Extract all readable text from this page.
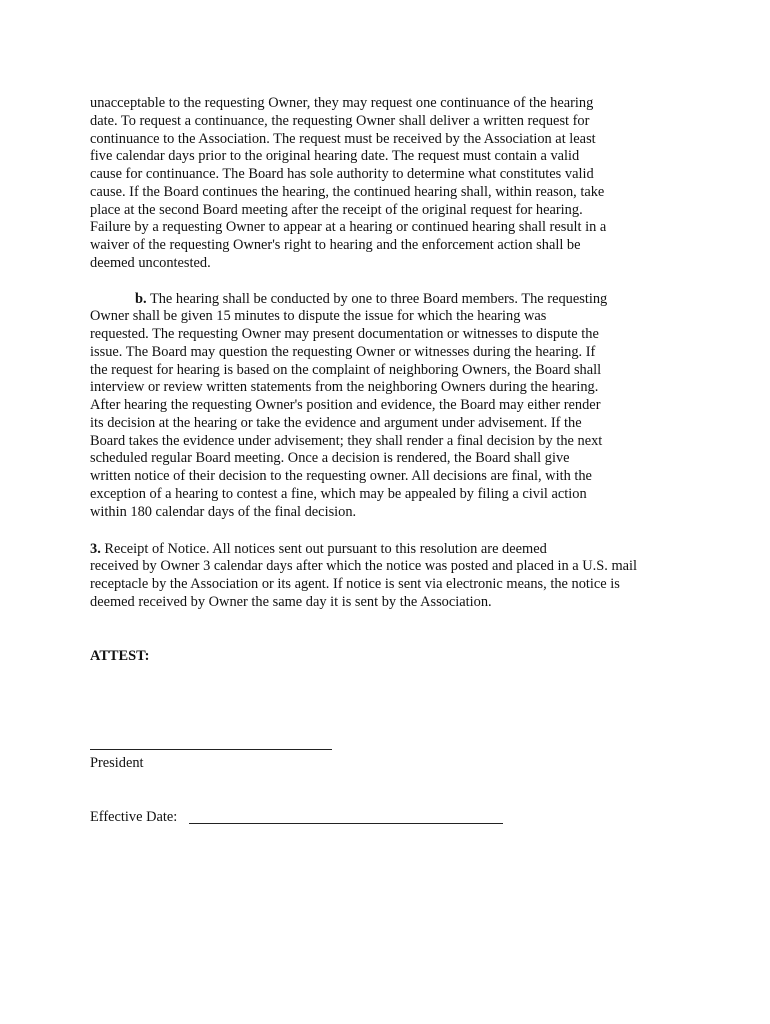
unacceptable to the requesting Owner, they may request one continuance of the hearing
date. To request a continuance, the requesting Owner shall deliver a written request for
continuance to the Association. The request must be received by the Association at least
five calendar days prior to the original hearing date. The request must contain a valid
cause for continuance. The Board has sole authority to determine what constitutes valid
cause. If the Board continues the hearing, the continued hearing shall, within reason, take
place at the second Board meeting after the receipt of the original request for hearing.
Failure by a requesting Owner to appear at a hearing or continued hearing shall result in a
waiver of the requesting Owner's right to hearing and the enforcement action shall be
deemed uncontested.
b. The hearing shall be conducted by one to three Board members. The requesting
Owner shall be given 15 minutes to dispute the issue for which the hearing was
requested. The requesting Owner may present documentation or witnesses to dispute the
issue. The Board may question the requesting Owner or witnesses during the hearing. If
the request for hearing is based on the complaint of neighboring Owners, the Board shall
interview or review written statements from the neighboring Owners during the hearing.
After hearing the requesting Owner's position and evidence, the Board may either render
its decision at the hearing or take the evidence and argument under advisement. If the
Board takes the evidence under advisement; they shall render a final decision by the next
scheduled regular Board meeting. Once a decision is rendered, the Board shall give
written notice of their decision to the requesting owner. All decisions are final, with the
exception of a hearing to contest a fine, which may be appealed by filing a civil action
within 180 calendar days of the final decision.
3. Receipt of Notice. All notices sent out pursuant to this resolution are deemed
received by Owner 3 calendar days after which the notice was posted and placed in a U.S. mail
receptacle by the Association or its agent. If notice is sent via electronic means, the notice is
deemed received by Owner the same day it is sent by the Association.
ATTEST:
President
Effective Date:
